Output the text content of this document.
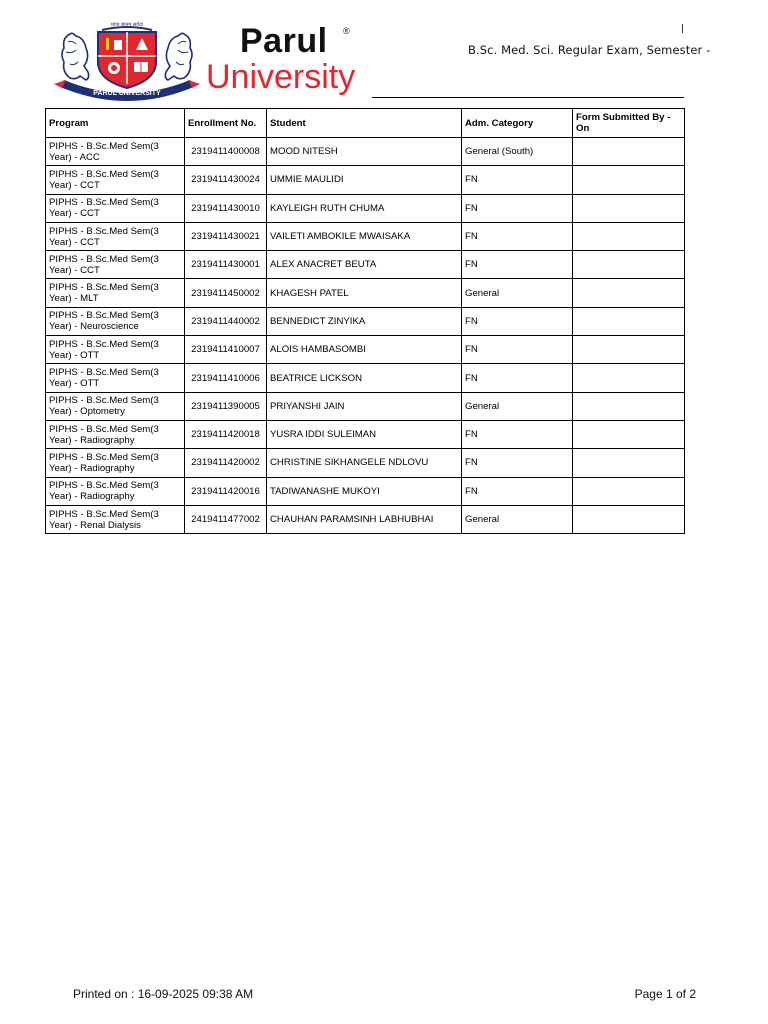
प्राप्य ज्ञानम् सर्वदा
PARUL UNIVERSITY
Parul ®
University
B.Sc. Med. Sci. Regular Exam, Semester -
Program	Enrollment No.	Student	Adm. Category	Form Submitted By - On

PIPHS - B.Sc.Med Sem(3
Year) - ACC	2319411400008	MOOD NITESH	General (South)	

PIPHS - B.Sc.Med Sem(3
Year) - CCT	2319411430024	UMMIE MAULIDI	FN	

PIPHS - B.Sc.Med Sem(3
Year) - CCT	2319411430010	KAYLEIGH RUTH CHUMA	FN	

PIPHS - B.Sc.Med Sem(3
Year) - CCT	2319411430021	VAILETI AMBOKILE MWAISAKA	FN	

PIPHS - B.Sc.Med Sem(3
Year) - CCT	2319411430001	ALEX ANACRET BEUTA	FN	

PIPHS - B.Sc.Med Sem(3
Year) - MLT	2319411450002	KHAGESH PATEL	General	

PIPHS - B.Sc.Med Sem(3
Year) - Neuroscience	2319411440002	BENNEDICT ZINYIKA	FN	

PIPHS - B.Sc.Med Sem(3
Year) - OTT	2319411410007	ALOIS HAMBASOMBI	FN	

PIPHS - B.Sc.Med Sem(3
Year) - OTT	2319411410006	BEATRICE LICKSON	FN	

PIPHS - B.Sc.Med Sem(3
Year) - Optometry	2319411390005	PRIYANSHI JAIN	General	

PIPHS - B.Sc.Med Sem(3
Year) - Radiography	2319411420018	YUSRA IDDI SULEIMAN	FN	

PIPHS - B.Sc.Med Sem(3
Year) - Radiography	2319411420002	CHRISTINE SIKHANGELE NDLOVU	FN	

PIPHS - B.Sc.Med Sem(3
Year) - Radiography	2319411420016	TADIWANASHE MUKOYI	FN	

PIPHS - B.Sc.Med Sem(3
Year) - Renal Dialysis	2419411477002	CHAUHAN PARAMSINH LABHUBHAI	General	
Printed on : 16-09-2025 09:38 AM	Page 1 of 2
